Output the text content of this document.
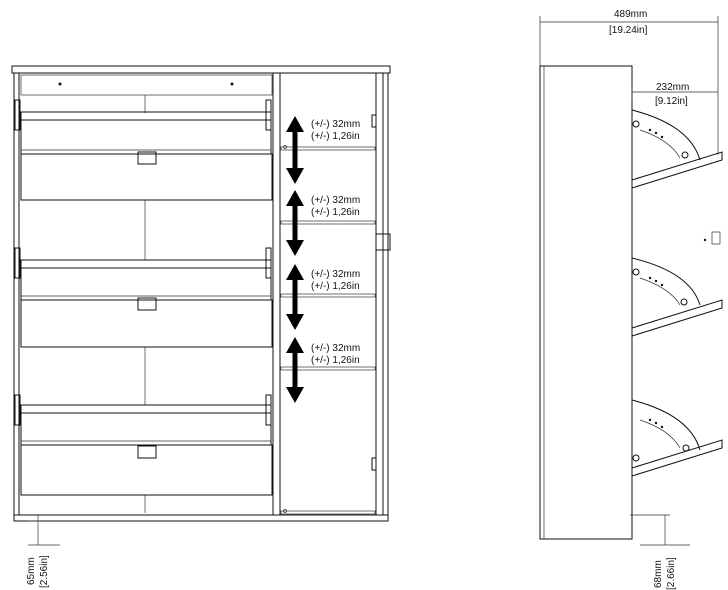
(+/-) 32mm
(+/-) 1,26in
(+/-) 32mm
(+/-) 1,26in
(+/-) 32mm
(+/-) 1,26in
(+/-) 32mm
(+/-) 1,26in
65mm [2.56in]
489mm
[19.24in]
232mm
[9.12in]
68mm [2.66in]
